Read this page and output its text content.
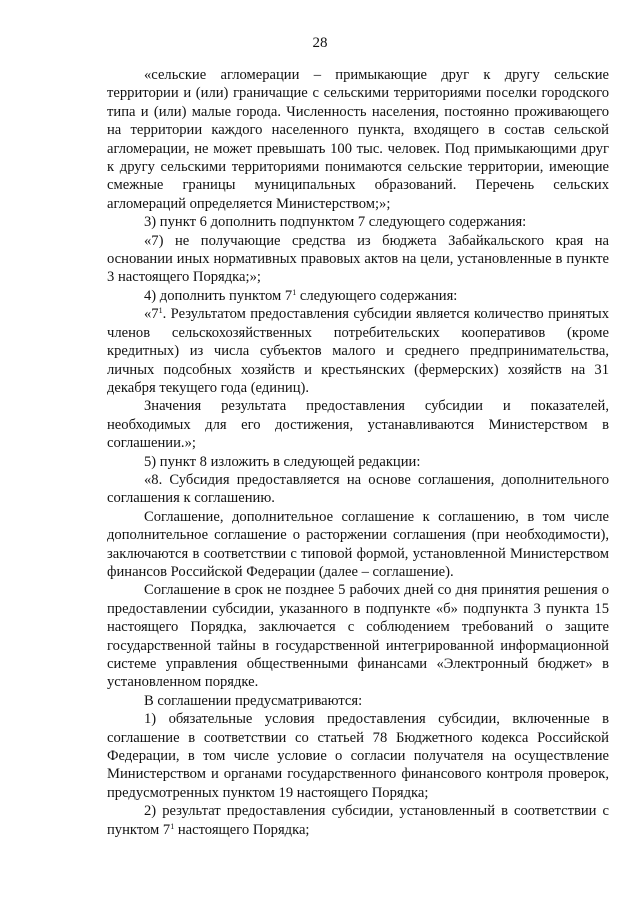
28

«сельские агломерации – примыкающие друг к другу сельские территории и (или) граничащие с сельскими территориями поселки городского типа и (или) малые города. Численность населения, постоянно проживающего на территории каждого населенного пункта, входящего в состав сельской агломерации, не может превышать 100 тыс. человек. Под примыкающими друг к другу сельскими территориями понимаются сельские территории, имеющие смежные границы муниципальных образований. Перечень сельских агломераций определяется Министерством;»;

3) пункт 6 дополнить подпунктом 7 следующего содержания:

«7) не получающие средства из бюджета Забайкальского края на основании иных нормативных правовых актов на цели, установленные в пункте 3 настоящего Порядка;»;

4) дополнить пунктом $7^1$ следующего содержания:

«$7^1$. Результатом предоставления субсидии является количество принятых членов сельскохозяйственных потребительских кооперативов (кроме кредитных) из числа субъектов малого и среднего предпринимательства, личных подсобных хозяйств и крестьянских (фермерских) хозяйств на 31 декабря текущего года (единиц).

Значения результата предоставления субсидии и показателей, необходимых для его достижения, устанавливаются Министерством в соглашении.»;

5) пункт 8 изложить в следующей редакции:

«8. Субсидия предоставляется на основе соглашения, дополнительного соглашения к соглашению.

Соглашение, дополнительное соглашение к соглашению, в том числе дополнительное соглашение о расторжении соглашения (при необходимости), заключаются в соответствии с типовой формой, установленной Министерством финансов Российской Федерации (далее – соглашение).

Соглашение в срок не позднее 5 рабочих дней со дня принятия решения о предоставлении субсидии, указанного в подпункте «б» подпункта 3 пункта 15 настоящего Порядка, заключается с соблюдением требований о защите государственной тайны в государственной интегрированной информационной системе управления общественными финансами «Электронный бюджет» в установленном порядке.

В соглашении предусматриваются:

1) обязательные условия предоставления субсидии, включенные в соглашение в соответствии со статьей 78 Бюджетного кодекса Российской Федерации, в том числе условие о согласии получателя на осуществление Министерством и органами государственного финансового контроля проверок, предусмотренных пунктом 19 настоящего Порядка;

2) результат предоставления субсидии, установленный в соответствии с пунктом $7^1$ настоящего Порядка;
